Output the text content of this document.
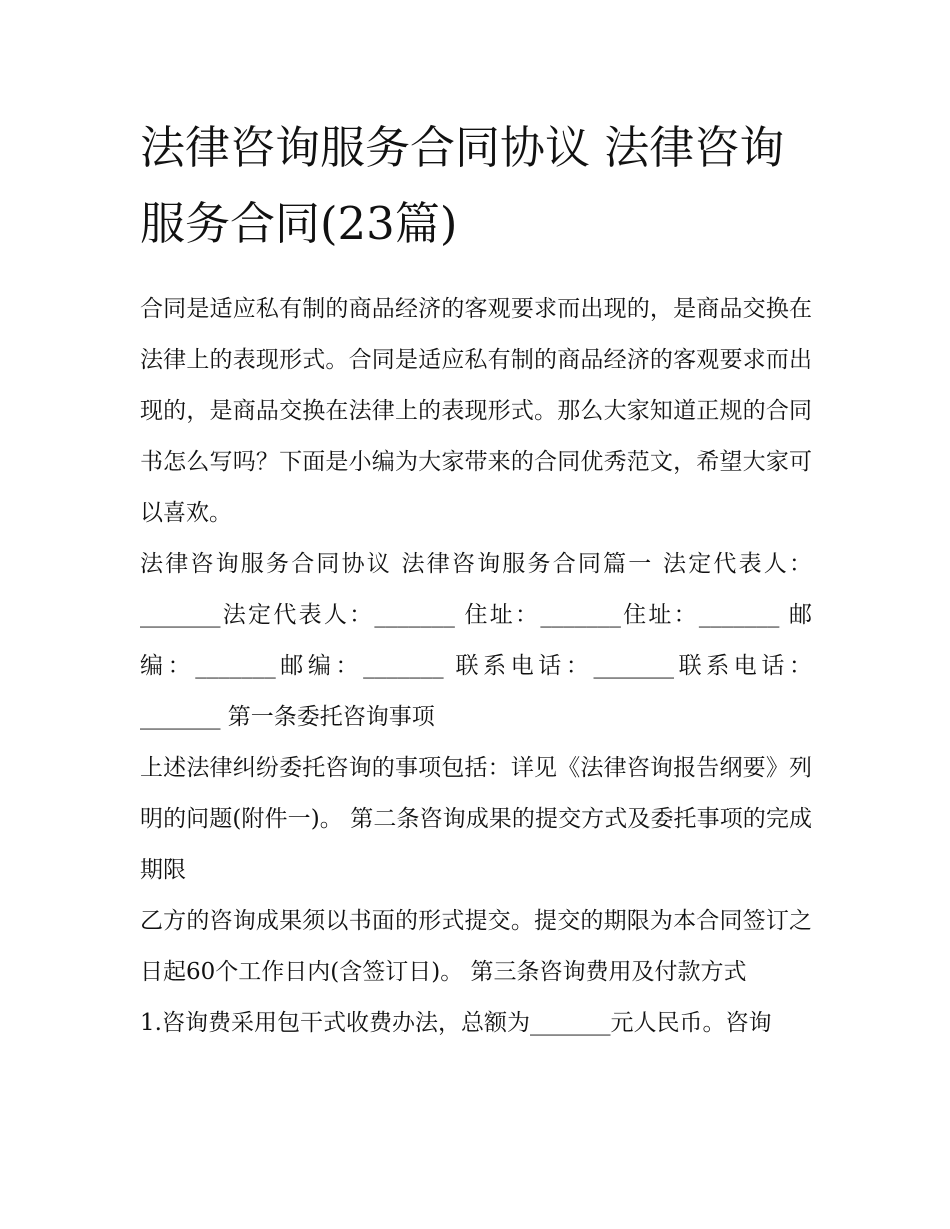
法律咨询服务合同协议 法律咨询服务合同(23篇)

合同是适应私有制的商品经济的客观要求而出现的，是商品交换在法律上的表现形式。合同是适应私有制的商品经济的客观要求而出现的，是商品交换在法律上的表现形式。那么大家知道正规的合同书怎么写吗？下面是小编为大家带来的合同优秀范文，希望大家可以喜欢。

法律咨询服务合同协议 法律咨询服务合同篇一 法定代表人：_______法定代表人：_______ 住址：_______住址：_______ 邮编：_______邮编：_______ 联系电话：_______联系电话：_______ 第一条委托咨询事项

上述法律纠纷委托咨询的事项包括：详见《法律咨询报告纲要》列明的问题(附件一)。 第二条咨询成果的提交方式及委托事项的完成期限

乙方的咨询成果须以书面的形式提交。提交的期限为本合同签订之日起60个工作日内(含签订日)。 第三条咨询费用及付款方式

1.咨询费采用包干式收费办法，总额为_______元人民币。咨询
